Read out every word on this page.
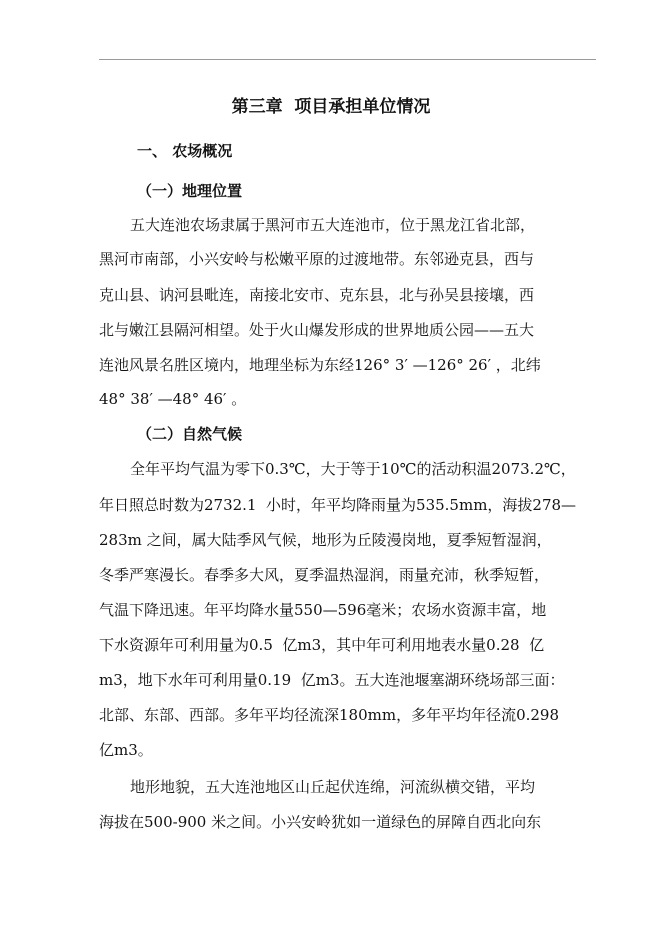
第三章  项目承担单位情况
一、 农场概况
（一）地理位置
五大连池农场隶属于黑河市五大连池市，位于黑龙江省北部，
黑河市南部，小兴安岭与松嫩平原的过渡地带。东邻逊克县，西与
克山县、讷河县毗连，南接北安市、克东县，北与孙吴县接壤，西
北与嫩江县隔河相望。处于火山爆发形成的世界地质公园——五大
连池风景名胜区境内，地理坐标为东经126° 3′ —126° 26′ ，北纬
48° 38′ —48° 46′ 。
（二）自然气候
全年平均气温为零下0.3℃，大于等于10℃的活动积温2073.2℃，
年日照总时数为2732.1  小时，年平均降雨量为535.5mm，海拔278—
283m 之间，属大陆季风气候，地形为丘陵漫岗地，夏季短暂湿润，
冬季严寒漫长。春季多大风，夏季温热湿润，雨量充沛，秋季短暂，
气温下降迅速。年平均降水量550—596毫米；农场水资源丰富，地
下水资源年可利用量为0.5  亿m3，其中年可利用地表水量0.28  亿
m3，地下水年可利用量0.19  亿m3。五大连池堰塞湖环绕场部三面：
北部、东部、西部。多年平均径流深180mm，多年平均年径流0.298
亿m3。
地形地貌，五大连池地区山丘起伏连绵，河流纵横交错，平均
海拔在500-900 米之间。小兴安岭犹如一道绿色的屏障自西北向东
